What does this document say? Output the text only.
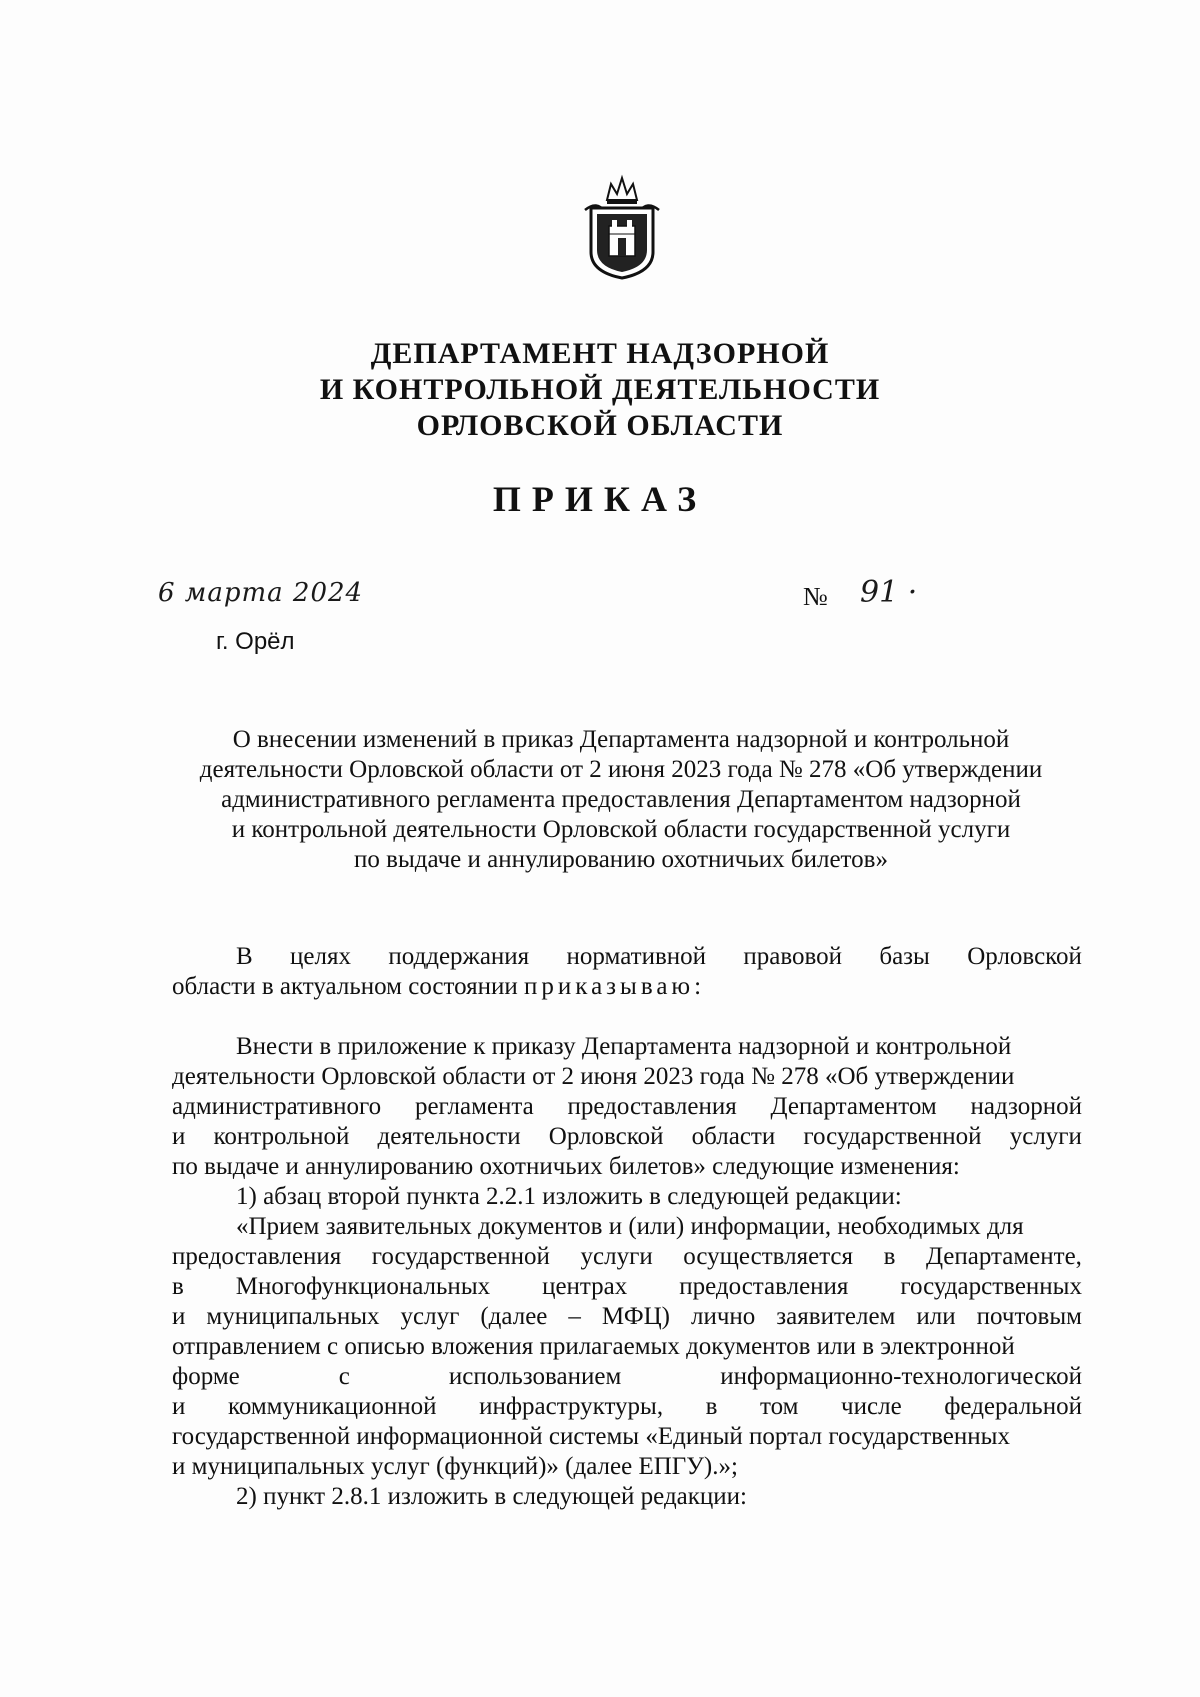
ДЕПАРТАМЕНТ НАДЗОРНОЙ
И КОНТРОЛЬНОЙ ДЕЯТЕЛЬНОСТИ
ОРЛОВСКОЙ ОБЛАСТИ
ПРИКАЗ
6 марта 2024	№ 91 ·
г. Орёл
О внесении изменений в приказ Департамента надзорной и контрольной
деятельности Орловской области от 2 июня 2023 года № 278 «Об утверждении
административного регламента предоставления Департаментом надзорной
и контрольной деятельности Орловской области государственной услуги
по выдаче и аннулированию охотничьих билетов»
В целях поддержания нормативной правовой базы Орловской
области в актуальном состоянии приказываю:
Внести в приложение к приказу Департамента надзорной и контрольной
деятельности Орловской области от 2 июня 2023 года № 278 «Об утверждении
административного регламента предоставления Департаментом надзорной
и контрольной деятельности Орловской области государственной услуги
по выдаче и аннулированию охотничьих билетов» следующие изменения:
1) абзац второй пункта 2.2.1 изложить в следующей редакции:
«Прием заявительных документов и (или) информации, необходимых для
предоставления государственной услуги осуществляется в Департаменте,
в Многофункциональных центрах предоставления государственных
и муниципальных услуг (далее – МФЦ) лично заявителем или почтовым
отправлением с описью вложения прилагаемых документов или в электронной
форме	с	использованием	информационно-технологической
и коммуникационной инфраструктуры, в том числе федеральной
государственной информационной системы «Единый портал государственных
и муниципальных услуг (функций)» (далее ЕПГУ).»;
2) пункт 2.8.1 изложить в следующей редакции:
